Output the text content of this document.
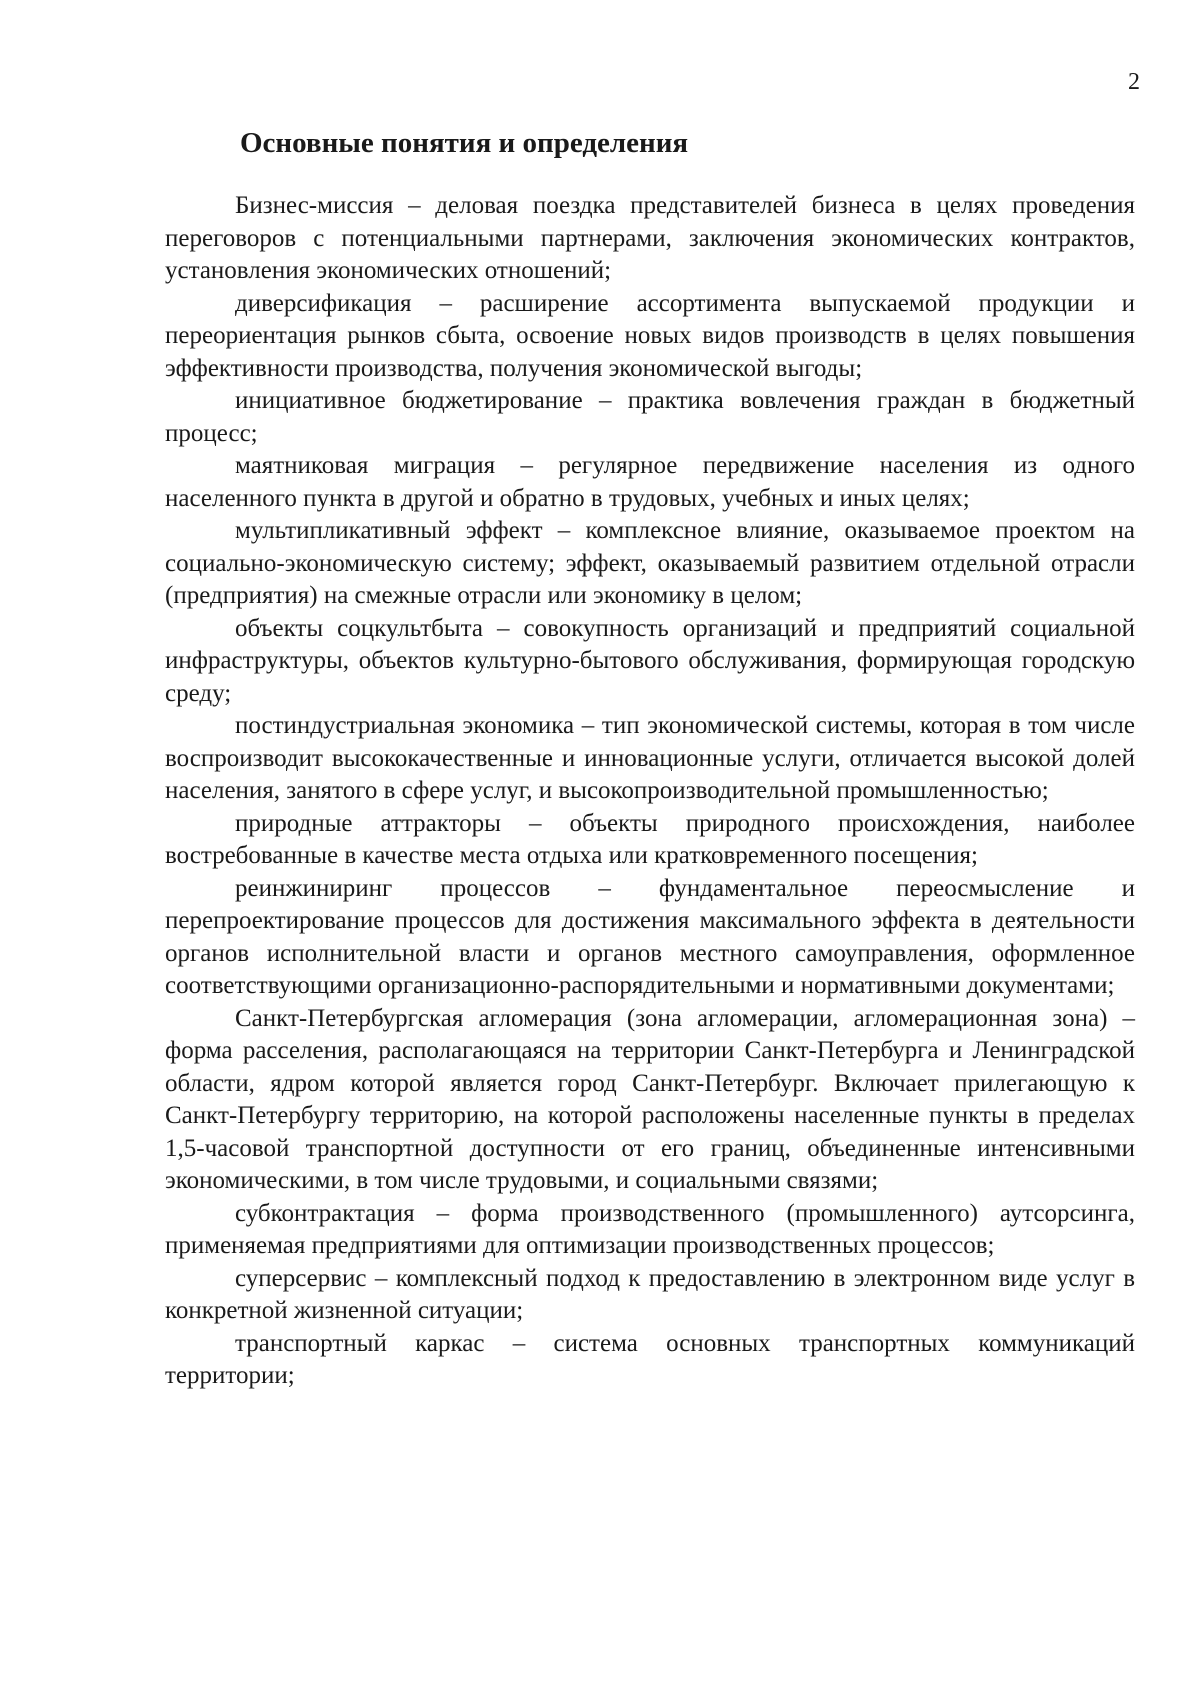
2
Основные понятия и определения

Бизнес-миссия – деловая поездка представителей бизнеса в целях проведения переговоров с потенциальными партнерами, заключения экономических контрактов, установления экономических отношений;

диверсификация – расширение ассортимента выпускаемой продукции и переориентация рынков сбыта, освоение новых видов производств в целях повышения эффективности производства, получения экономической выгоды;

инициативное бюджетирование – практика вовлечения граждан в бюджетный процесс;

маятниковая миграция – регулярное передвижение населения из одного населенного пункта в другой и обратно в трудовых, учебных и иных целях;

мультипликативный эффект – комплексное влияние, оказываемое проектом на социально-экономическую систему; эффект, оказываемый развитием отдельной отрасли (предприятия) на смежные отрасли или экономику в целом;

объекты соцкультбыта – совокупность организаций и предприятий социальной инфраструктуры, объектов культурно-бытового обслуживания, формирующая городскую среду;

постиндустриальная экономика – тип экономической системы, которая в том числе воспроизводит высококачественные и инновационные услуги, отличается высокой долей населения, занятого в сфере услуг, и высокопроизводительной промышленностью;

природные аттракторы – объекты природного происхождения, наиболее востребованные в качестве места отдыха или кратковременного посещения;

реинжиниринг процессов – фундаментальное переосмысление и перепроектирование процессов для достижения максимального эффекта в деятельности органов исполнительной власти и органов местного самоуправления, оформленное соответствующими организационно-распорядительными и нормативными документами;

Санкт-Петербургская агломерация (зона агломерации, агломерационная зона) – форма расселения, располагающаяся на территории Санкт-Петербурга и Ленинградской области, ядром которой является город Санкт-Петербург. Включает прилегающую к Санкт-Петербургу территорию, на которой расположены населенные пункты в пределах 1,5-часовой транспортной доступности от его границ, объединенные интенсивными экономическими, в том числе трудовыми, и социальными связями;

субконтрактация – форма производственного (промышленного) аутсорсинга, применяемая предприятиями для оптимизации производственных процессов;

суперсервис – комплексный подход к предоставлению в электронном виде услуг в конкретной жизненной ситуации;

транспортный каркас – система основных транспортных коммуникаций территории;
